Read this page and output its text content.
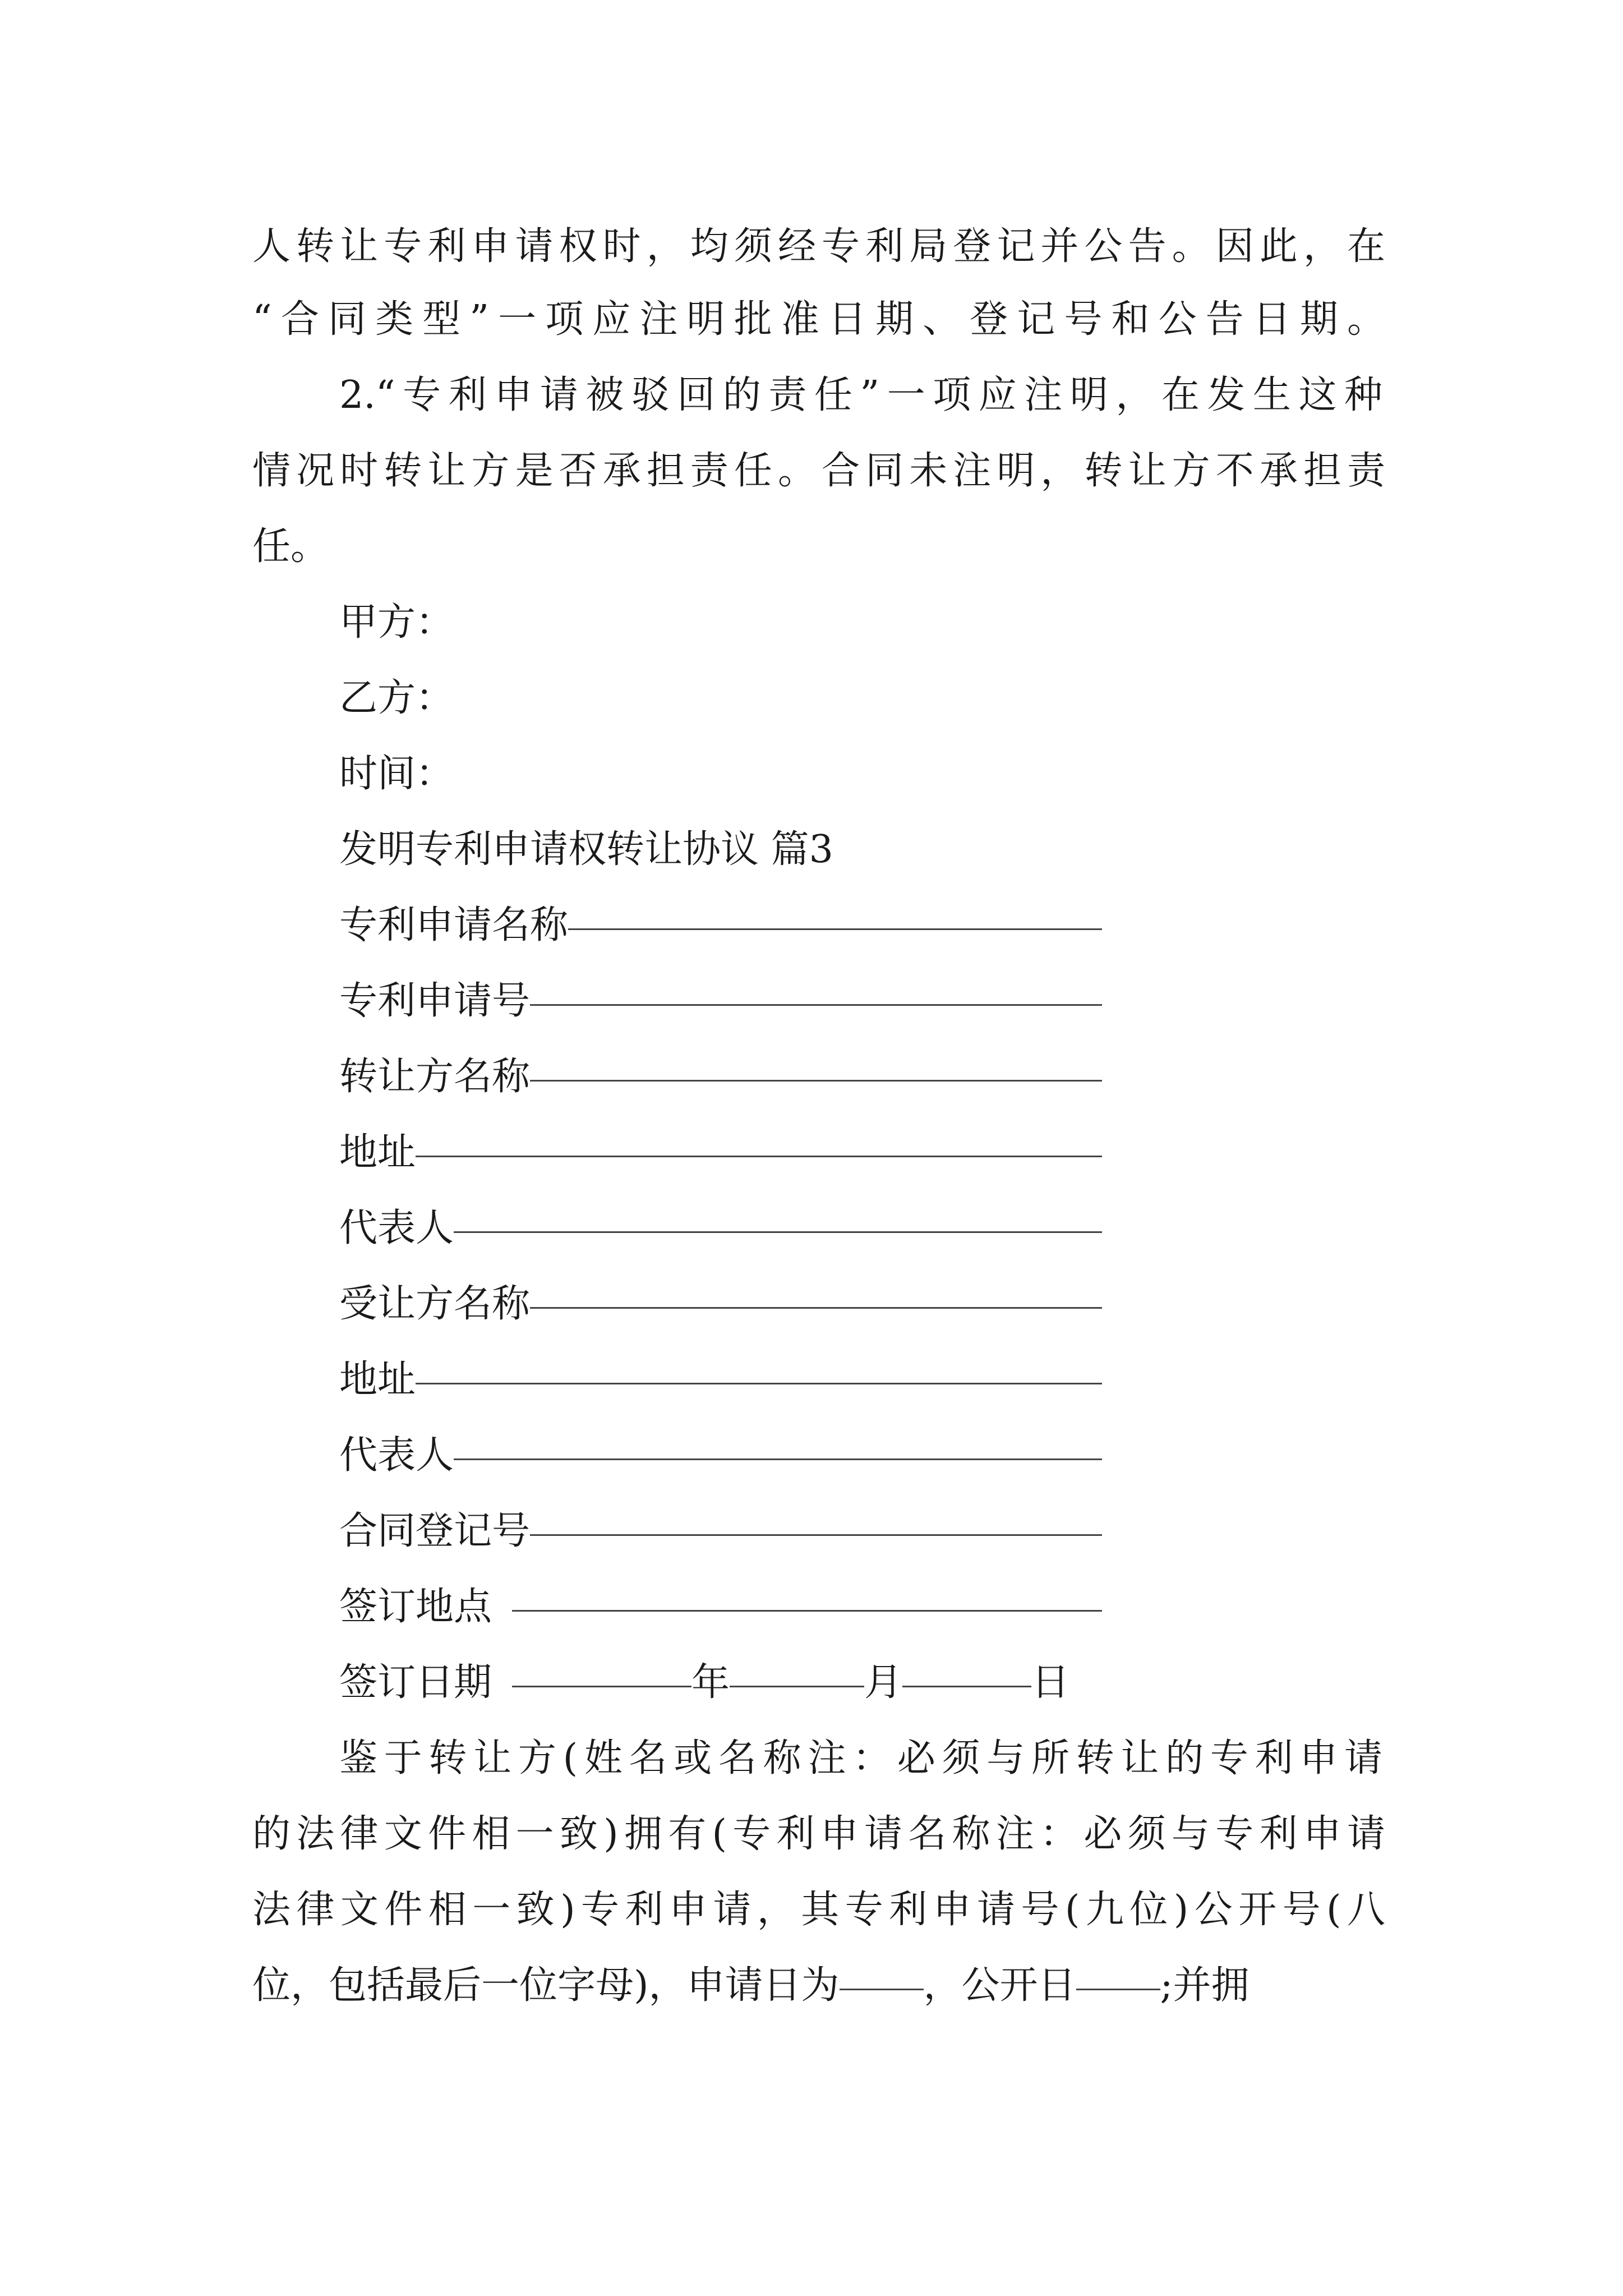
人转让专利申请权时，均须经专利局登记并公告。因此，在
“合同类型”一项应注明批准日期、登记号和公告日期。
2.“专利申请被驳回的责任”一项应注明，在发生这种
情况时转让方是否承担责任。合同未注明，转让方不承担责
任。
甲方：
乙方：
时间：
发明专利申请权转让协议 篇3
专利申请名称
专利申请号
转让方名称
地址
代表人
受让方名称
地址
代表人
合同登记号
签订地点
签订日期	年	月	日
鉴于转让方(姓名或名称注：必须与所转让的专利申请
的法律文件相一致)拥有(专利申请名称注：必须与专利申请
法律文件相一致)专利申请，其专利申请号(九位)公开号(八
位，包括最后一位字母)，申请日为 ，公开日 ;并拥
